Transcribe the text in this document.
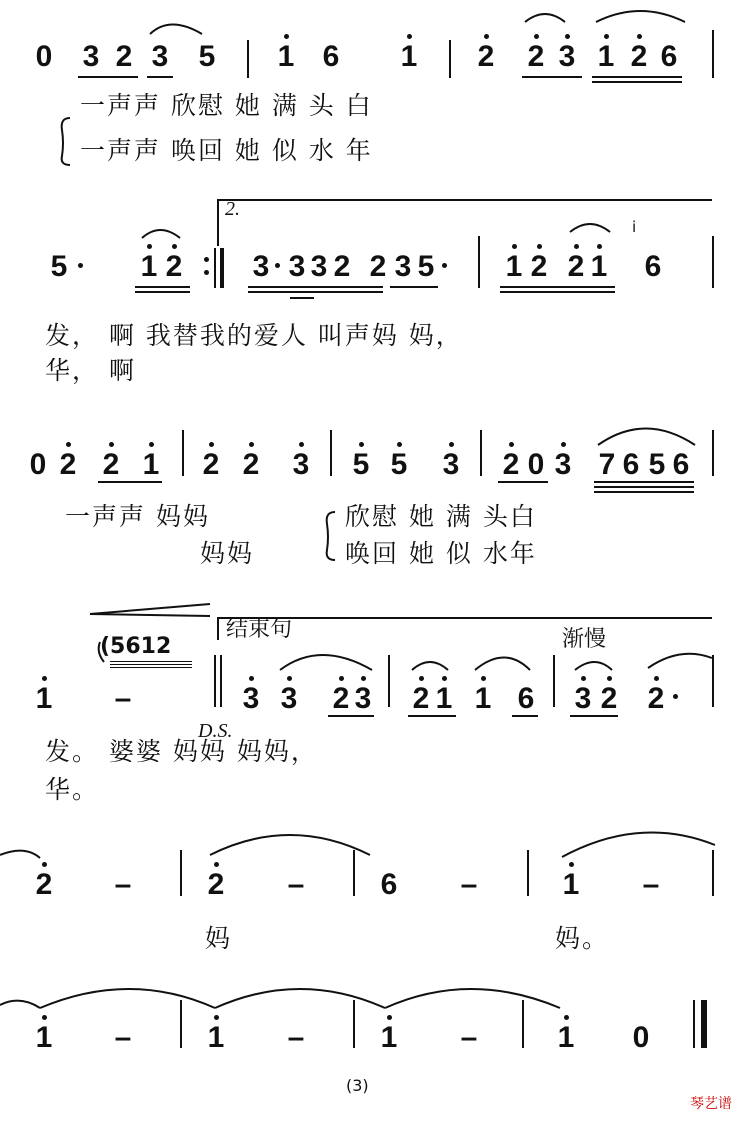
0 3 2 3 5 1 6 1 2 2 3 1 2 6
一声声 欣慰 她 满 头 白
一声声 唤回 她 似 水 年
2.
5 1 2 3 3 3 2 2 3 5 1 2 2 1 6
i
发， 啊 我替我的爱人 叫声妈 妈，
华， 啊
0 2 2 1 2 2 3 5 5 3 2 0 3 7 6 5 6
一声声 妈妈
妈妈
欣慰 她 满 头白
唤回 她 似 水年
结束句	渐慢
(5612
1 –	3 3 2 3 2 1 1 6 3 2 2
D.S.
发。 婆婆 妈妈 妈妈，
华。
2 –	2 –	6 –	1 –
妈	妈。
1 –	1 –	1 –	1 0
(3)
琴艺谱
